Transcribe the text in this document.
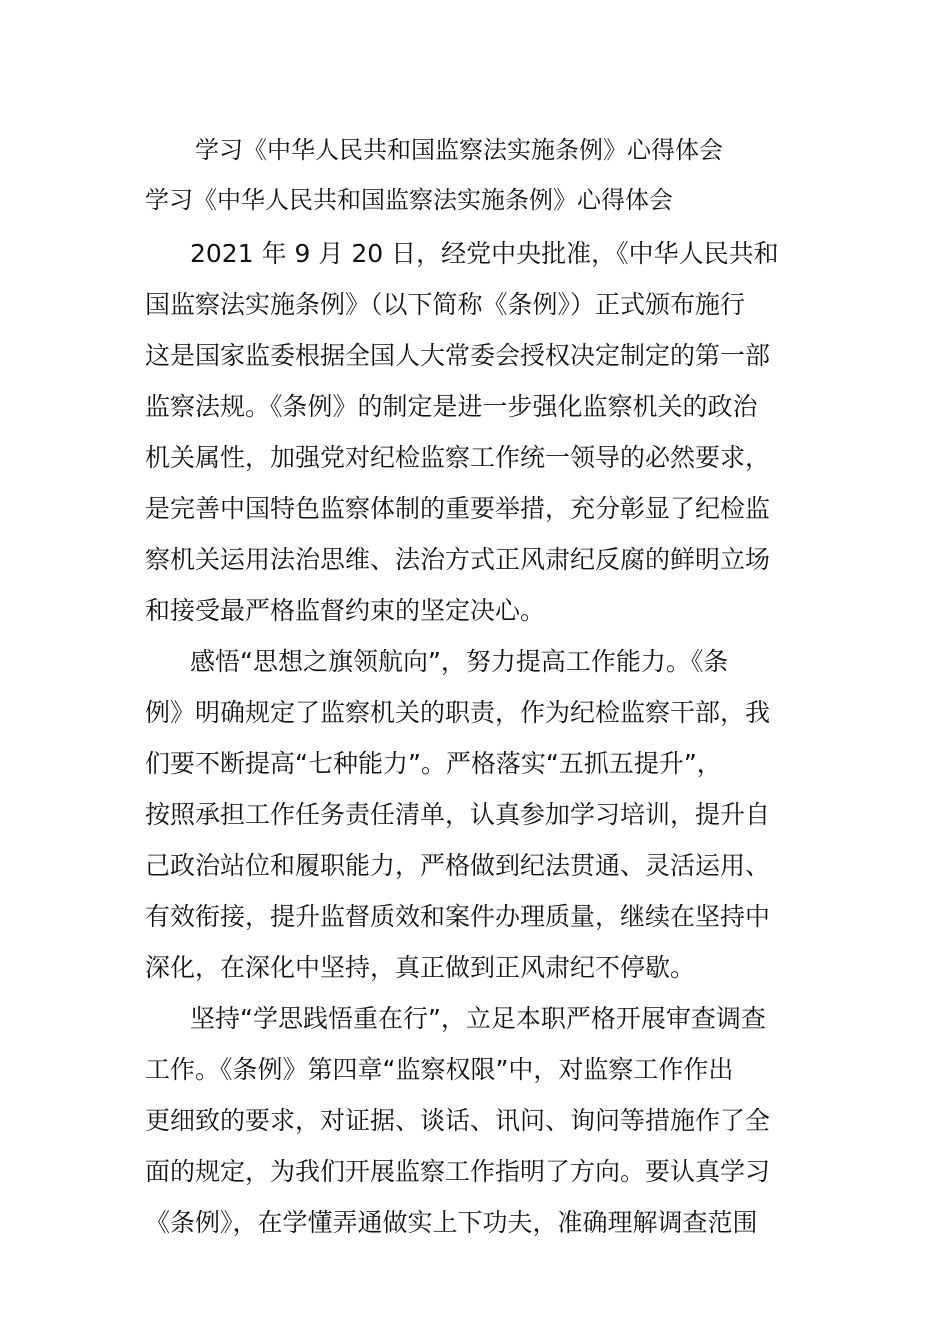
学习《中华人民共和国监察法实施条例》心得体会
学习《中华人民共和国监察法实施条例》心得体会
2021 年 9 月 20 日，经党中央批准，《中华人民共和
国监察法实施条例》（以下简称《条例》）正式颁布施行
这是国家监委根据全国人大常委会授权决定制定的第一部
监察法规。《条例》的制定是进一步强化监察机关的政治
机关属性，加强党对纪检监察工作统一领导的必然要求，
是完善中国特色监察体制的重要举措，充分彰显了纪检监
察机关运用法治思维、法治方式正风肃纪反腐的鲜明立场
和接受最严格监督约束的坚定决心。
感悟“思想之旗领航向”，努力提高工作能力。《条
例》明确规定了监察机关的职责，作为纪检监察干部，我
们要不断提高“七种能力”。严格落实“五抓五提升”，
按照承担工作任务责任清单，认真参加学习培训，提升自
己政治站位和履职能力，严格做到纪法贯通、灵活运用、
有效衔接，提升监督质效和案件办理质量，继续在坚持中
深化，在深化中坚持，真正做到正风肃纪不停歇。
坚持“学思践悟重在行”，立足本职严格开展审查调查
工作。《条例》第四章“监察权限”中，对监察工作作出
更细致的要求，对证据、谈话、讯问、询问等措施作了全
面的规定，为我们开展监察工作指明了方向。要认真学习
《条例》，在学懂弄通做实上下功夫，准确理解调查范围
